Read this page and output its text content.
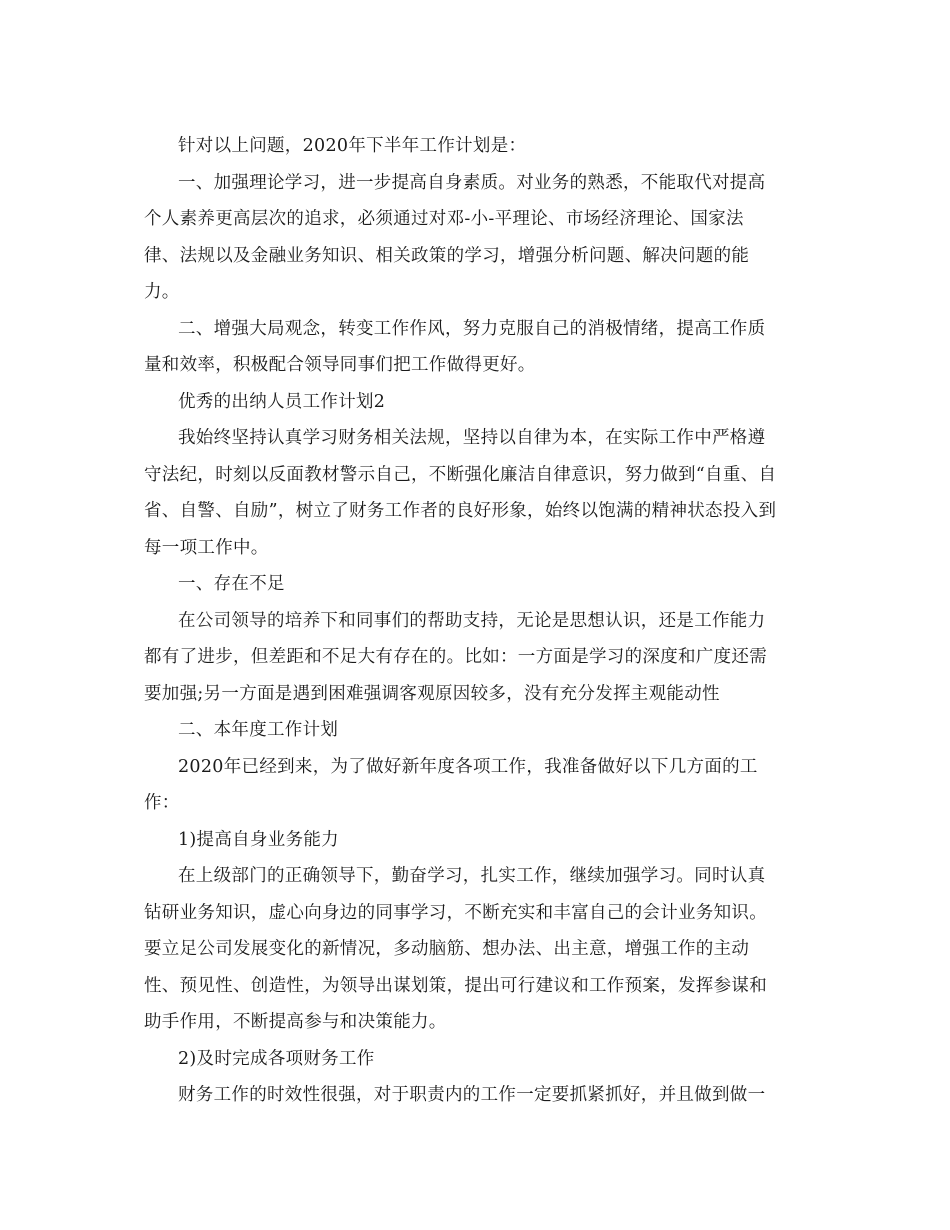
针对以上问题，2020年下半年工作计划是：
一、加强理论学习，进一步提高自身素质。对业务的熟悉，不能取代对提高
个人素养更高层次的追求，必须通过对邓-小-平理论、市场经济理论、国家法
律、法规以及金融业务知识、相关政策的学习，增强分析问题、解决问题的能
力。
二、增强大局观念，转变工作作风，努力克服自己的消极情绪，提高工作质
量和效率，积极配合领导同事们把工作做得更好。
优秀的出纳人员工作计划2
我始终坚持认真学习财务相关法规，坚持以自律为本，在实际工作中严格遵
守法纪，时刻以反面教材警示自己，不断强化廉洁自律意识，努力做到“自重、自
省、自警、自励”，树立了财务工作者的良好形象，始终以饱满的精神状态投入到
每一项工作中。
一、存在不足
在公司领导的培养下和同事们的帮助支持，无论是思想认识，还是工作能力
都有了进步，但差距和不足大有存在的。比如：一方面是学习的深度和广度还需
要加强;另一方面是遇到困难强调客观原因较多，没有充分发挥主观能动性
二、本年度工作计划
2020年已经到来，为了做好新年度各项工作，我准备做好以下几方面的工
作：
1)提高自身业务能力
在上级部门的正确领导下，勤奋学习，扎实工作，继续加强学习。同时认真
钻研业务知识，虚心向身边的同事学习，不断充实和丰富自己的会计业务知识。
要立足公司发展变化的新情况，多动脑筋、想办法、出主意，增强工作的主动
性、预见性、创造性，为领导出谋划策，提出可行建议和工作预案，发挥参谋和
助手作用，不断提高参与和决策能力。
2)及时完成各项财务工作
财务工作的时效性很强，对于职责内的工作一定要抓紧抓好，并且做到做一
